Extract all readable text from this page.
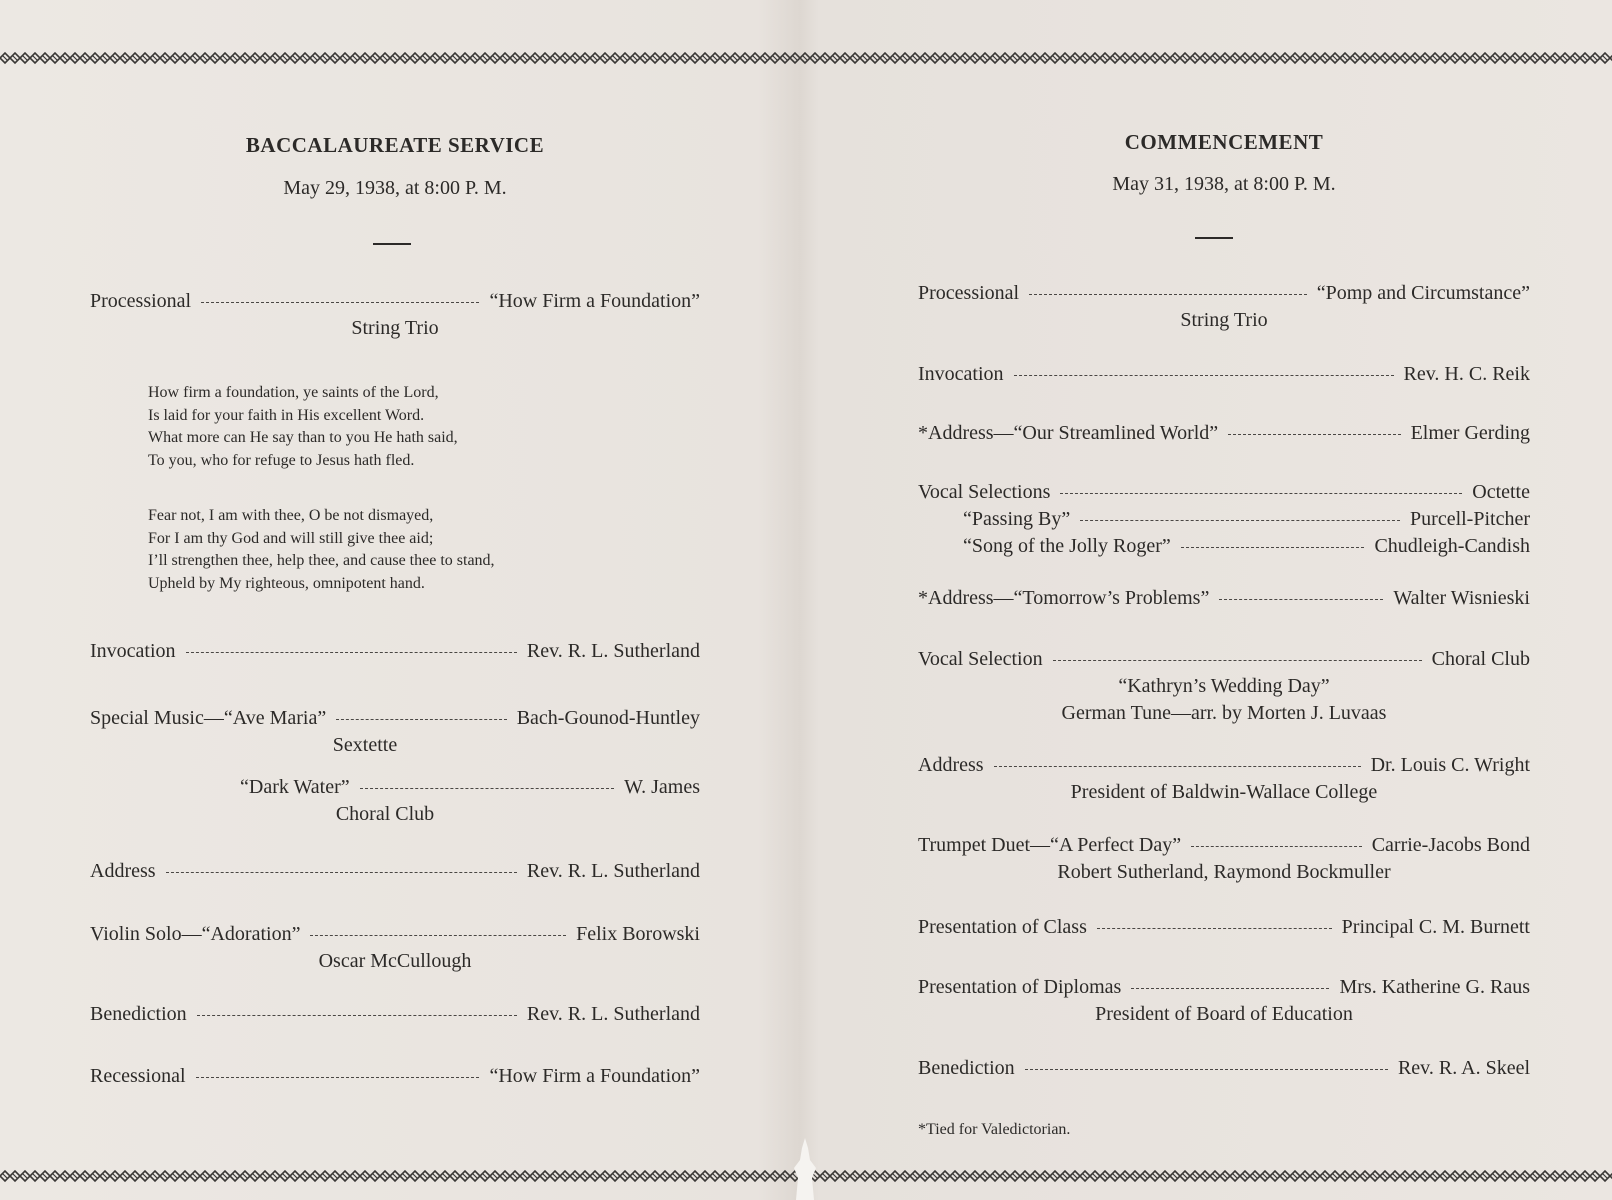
BACCALAUREATE SERVICE
May 29, 1938, at 8:00 P. M.
Processional	“How Firm a Foundation”
String Trio
How firm a foundation, ye saints of the Lord,
Is laid for your faith in His excellent Word.
What more can He say than to you He hath said,
To you, who for refuge to Jesus hath fled.
Fear not, I am with thee, O be not dismayed,
For I am thy God and will still give thee aid;
I’ll strengthen thee, help thee, and cause thee to stand,
Upheld by My righteous, omnipotent hand.
Invocation	Rev. R. L. Sutherland
Special Music—“Ave Maria”	Bach-Gounod-Huntley
Sextette
“Dark Water”	W. James
Choral Club
Address	Rev. R. L. Sutherland
Violin Solo—“Adoration”	Felix Borowski
Oscar McCullough
Benediction	Rev. R. L. Sutherland
Recessional	“How Firm a Foundation”
COMMENCEMENT
May 31, 1938, at 8:00 P. M.
Processional	“Pomp and Circumstance”
String Trio
Invocation	Rev. H. C. Reik
*Address—“Our Streamlined World”	Elmer Gerding
Vocal Selections	Octette
“Passing By”	Purcell-Pitcher
“Song of the Jolly Roger”	Chudleigh-Candish
*Address—“Tomorrow’s Problems”	Walter Wisnieski
Vocal Selection	Choral Club
“Kathryn’s Wedding Day”
German Tune—arr. by Morten J. Luvaas
Address	Dr. Louis C. Wright
President of Baldwin-Wallace College
Trumpet Duet—“A Perfect Day”	Carrie-Jacobs Bond
Robert Sutherland, Raymond Bockmuller
Presentation of Class	Principal C. M. Burnett
Presentation of Diplomas	Mrs. Katherine G. Raus
President of Board of Education
Benediction	Rev. R. A. Skeel
*Tied for Valedictorian.
